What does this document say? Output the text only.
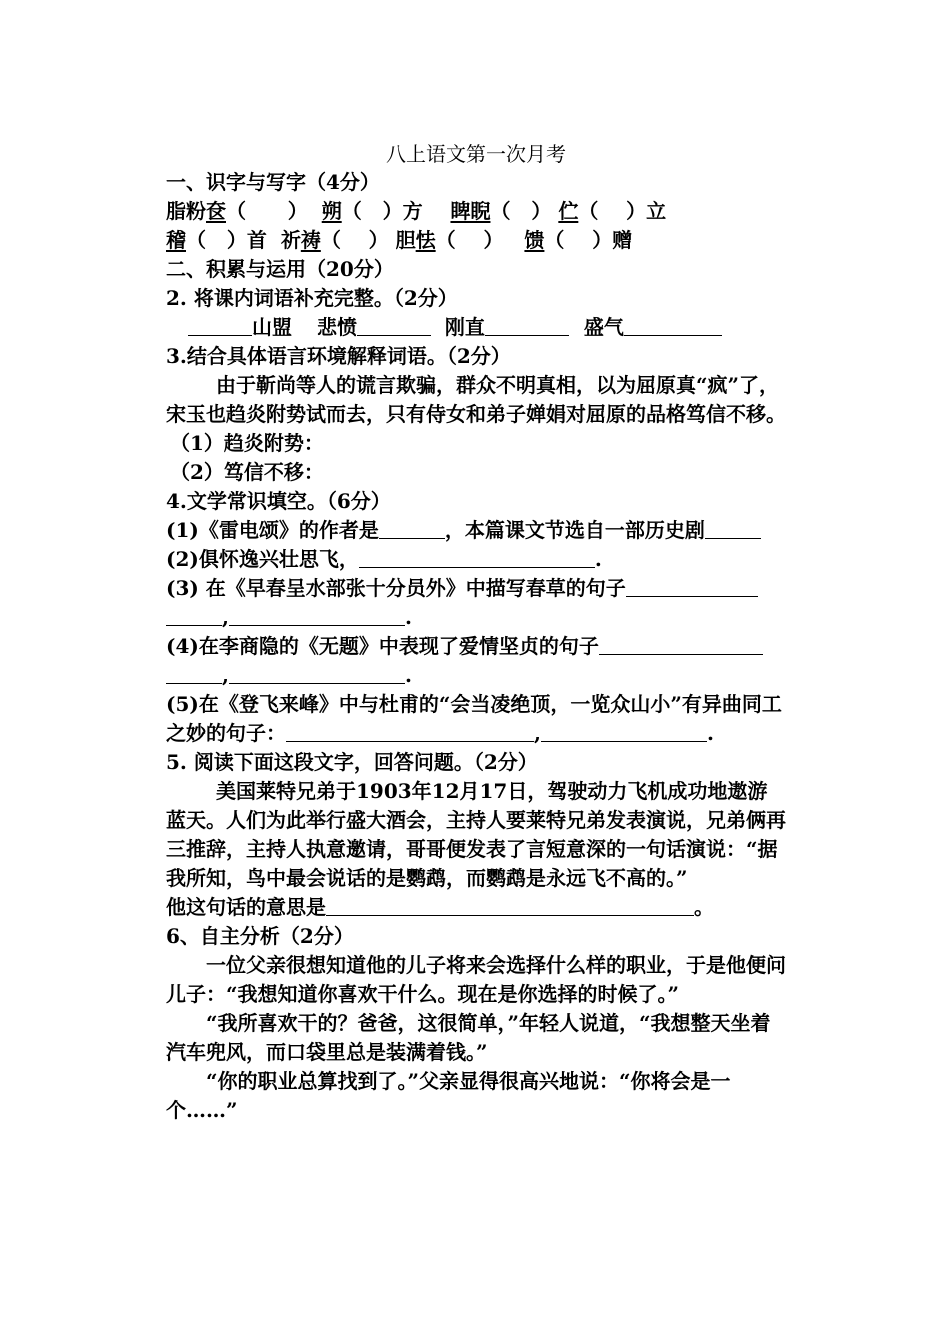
八上语文第一次月考
一、识字与写字（4分）
脂粉奁（      ） 朔（   ）方 睥睨（   ） 伫（    ）立
稽（   ）首  祈祷（    ） 胆怯（    ） 馈（    ）赠
二、积累与运用（20分）
2. 将课内词语补充完整。（2分）
山盟 悲愤	刚直	盛气
3.结合具体语言环境解释词语。（2分）

由于靳尚等人的谎言欺骗，群众不明真相，以为屈原真“疯”了，宋玉也趋炎附势试而去，只有侍女和弟子婵娟对屈原的品格笃信不移。

（1）趋炎附势：
（2）笃信不移：
4.文学常识填空。（6分）
(1)《雷电颂》的作者是	，本篇课文节选自一部历史剧
(2)俱怀逸兴壮思飞，	.
(3) 在《早春呈水部张十分员外》中描写春草的句子
,	.
(4)在李商隐的《无题》中表现了爱情坚贞的句子
,	.
(5)在《登飞来峰》中与杜甫的“会当凌绝顶，一览众山小”有异曲同工之妙的句子：	,	.
5. 阅读下面这段文字，回答问题。（2分）

美国莱特兄弟于1903年12月17日，驾驶动力飞机成功地遨游蓝天。人们为此举行盛大酒会，主持人要莱特兄弟发表演说，兄弟俩再三推辞，主持人执意邀请，哥哥便发表了言短意深的一句话演说：“据我所知，鸟中最会说话的是鹦鹉，而鹦鹉是永远飞不高的。”

他这句话的意思是	。
6、自主分析（2分）

一位父亲很想知道他的儿子将来会选择什么样的职业，于是他便问儿子：“我想知道你喜欢干什么。现在是你选择的时候了。”

“我所喜欢干的？爸爸，这很简单，”年轻人说道，“我想整天坐着汽车兜风，而口袋里总是装满着钱。”

“你的职业总算找到了。”父亲显得很高兴地说：“你将会是一个……”
